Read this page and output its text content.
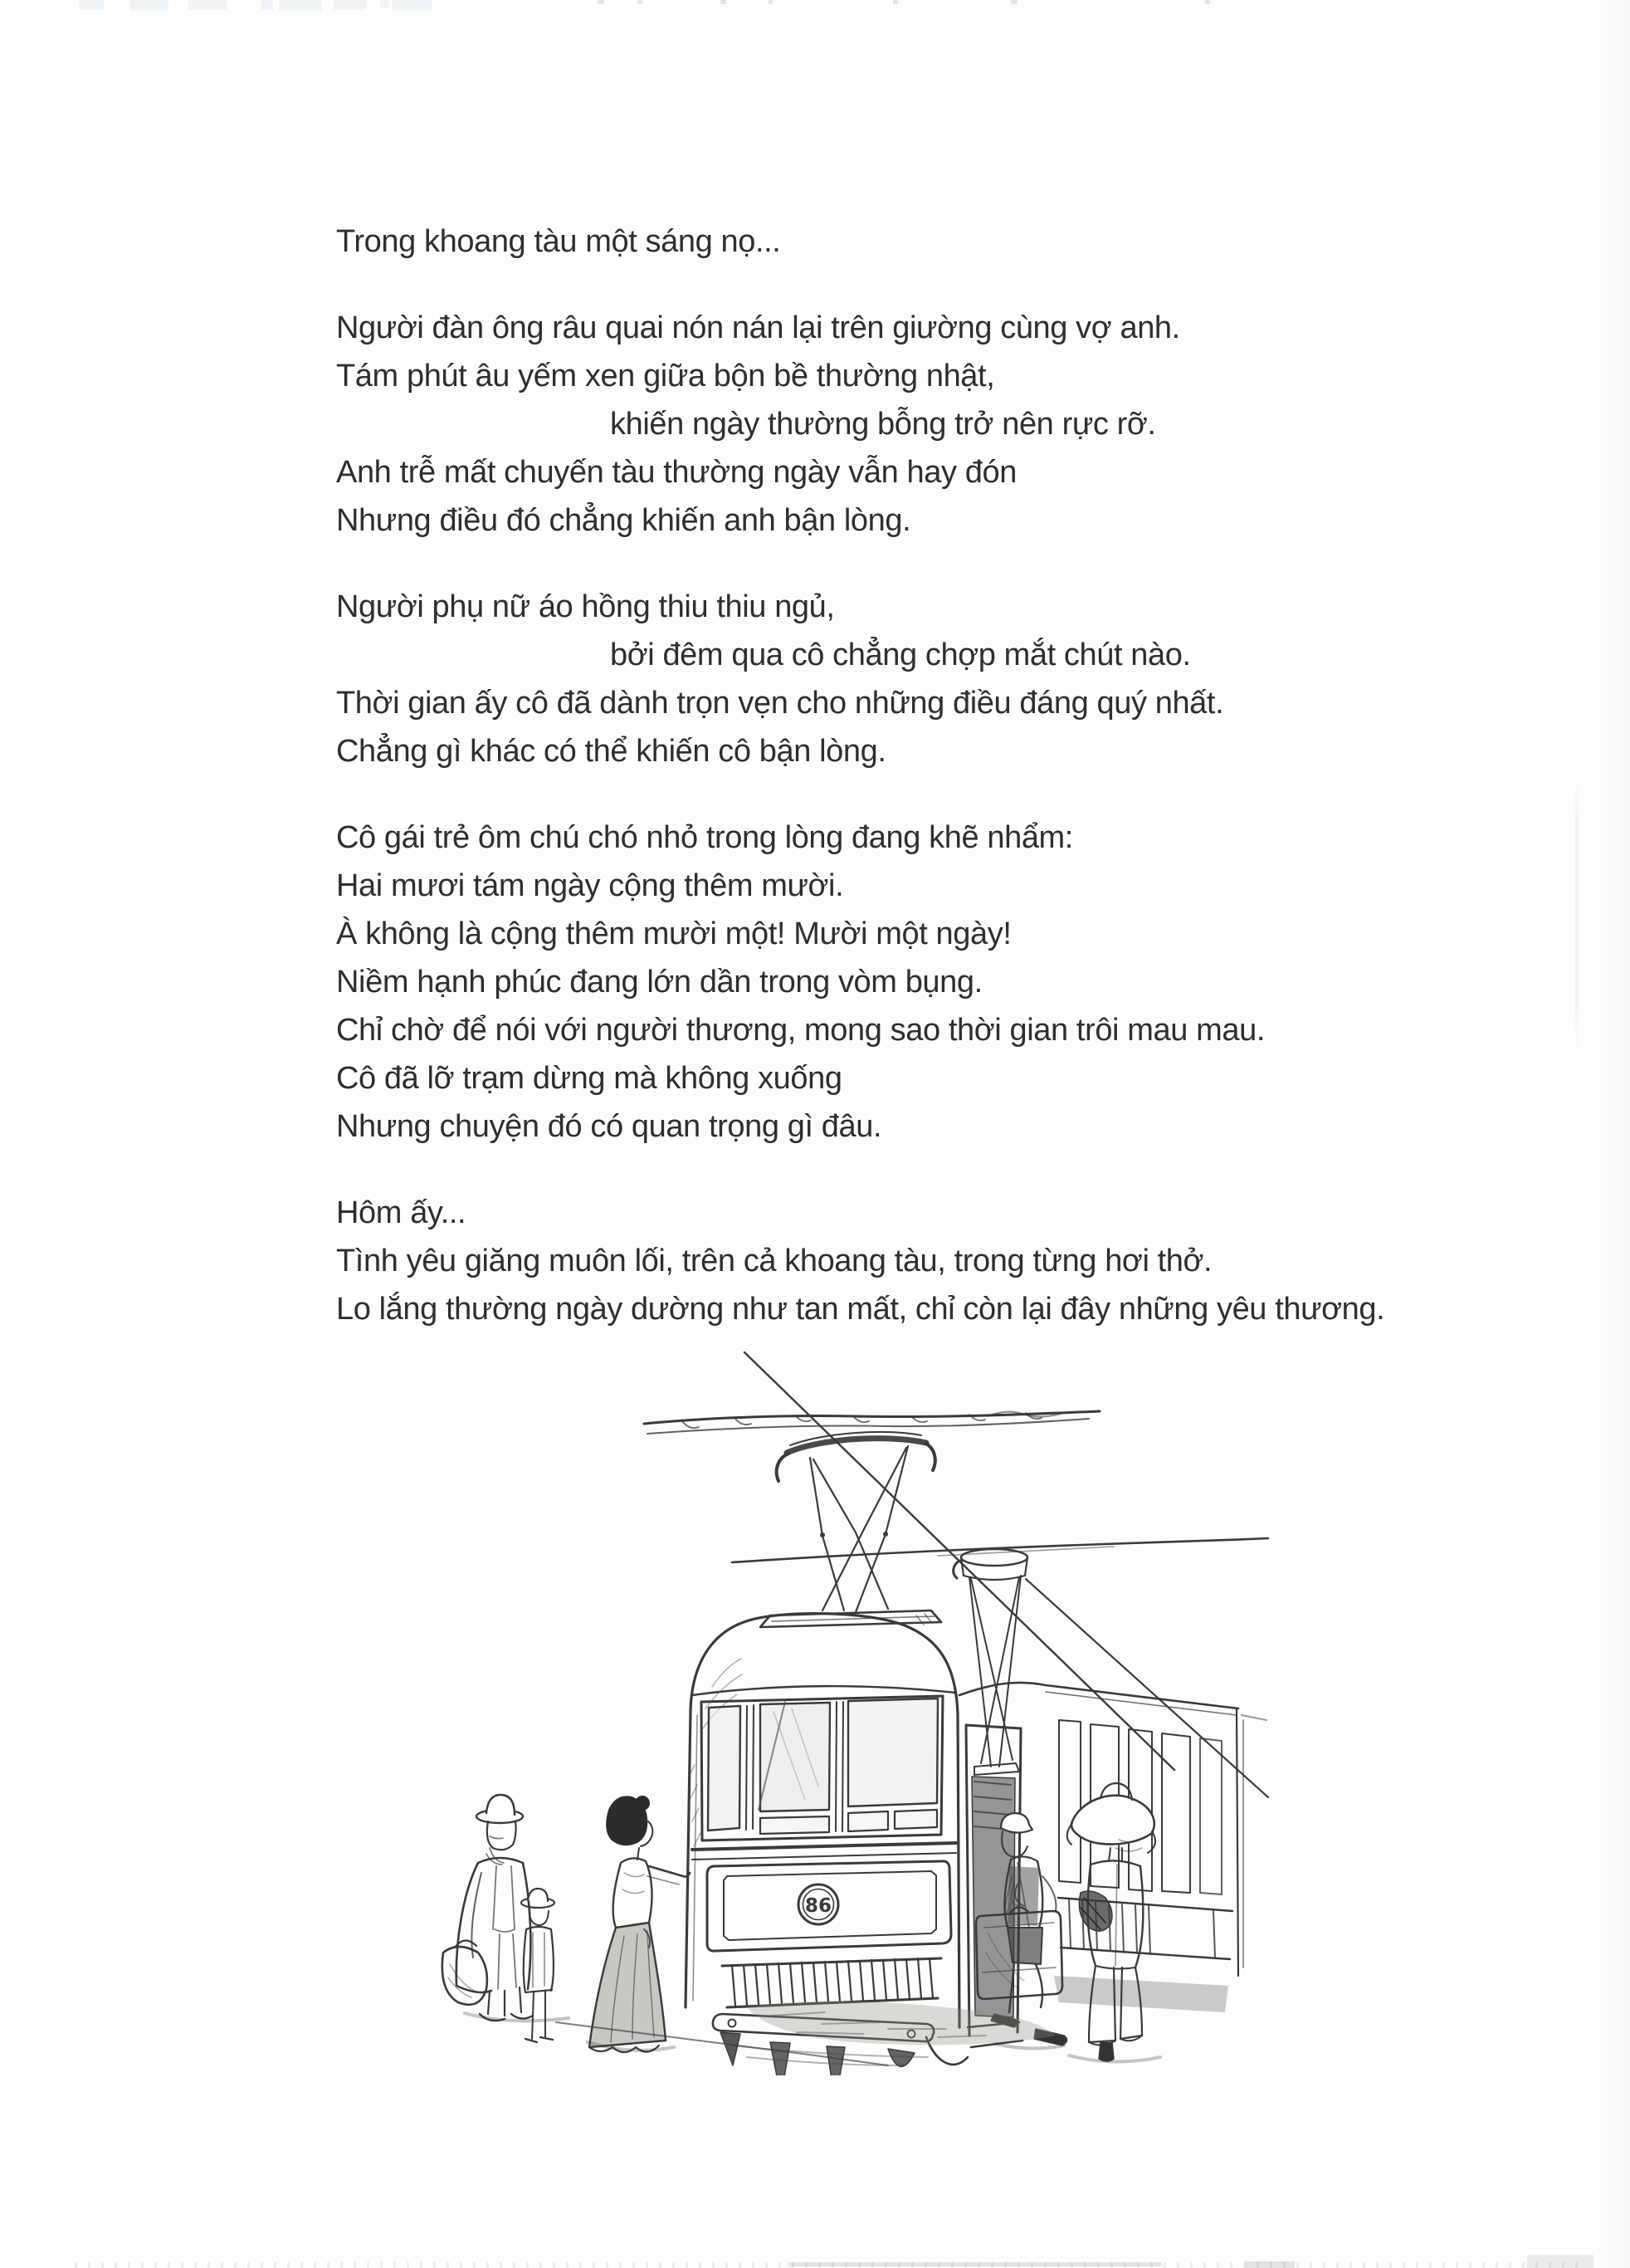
Trong khoang tàu một sáng nọ...
Người đàn ông râu quai nón nán lại trên giường cùng vợ anh.
Tám phút âu yếm xen giữa bộn bề thường nhật,
khiến ngày thường bỗng trở nên rực rỡ.
Anh trễ mất chuyến tàu thường ngày vẫn hay đón
Nhưng điều đó chẳng khiến anh bận lòng.
Người phụ nữ áo hồng thiu thiu ngủ,
bởi đêm qua cô chẳng chợp mắt chút nào.
Thời gian ấy cô đã dành trọn vẹn cho những điều đáng quý nhất.
Chẳng gì khác có thể khiến cô bận lòng.
Cô gái trẻ ôm chú chó nhỏ trong lòng đang khẽ nhẩm:
Hai mươi tám ngày cộng thêm mười.
À không là cộng thêm mười một! Mười một ngày!
Niềm hạnh phúc đang lớn dần trong vòm bụng.
Chỉ chờ để nói với người thương, mong sao thời gian trôi mau mau.
Cô đã lỡ trạm dừng mà không xuống
Nhưng chuyện đó có quan trọng gì đâu.
Hôm ấy...
Tình yêu giăng muôn lối, trên cả khoang tàu, trong từng hơi thở.
Lo lắng thường ngày dường như tan mất, chỉ còn lại đây những yêu thương.
86
